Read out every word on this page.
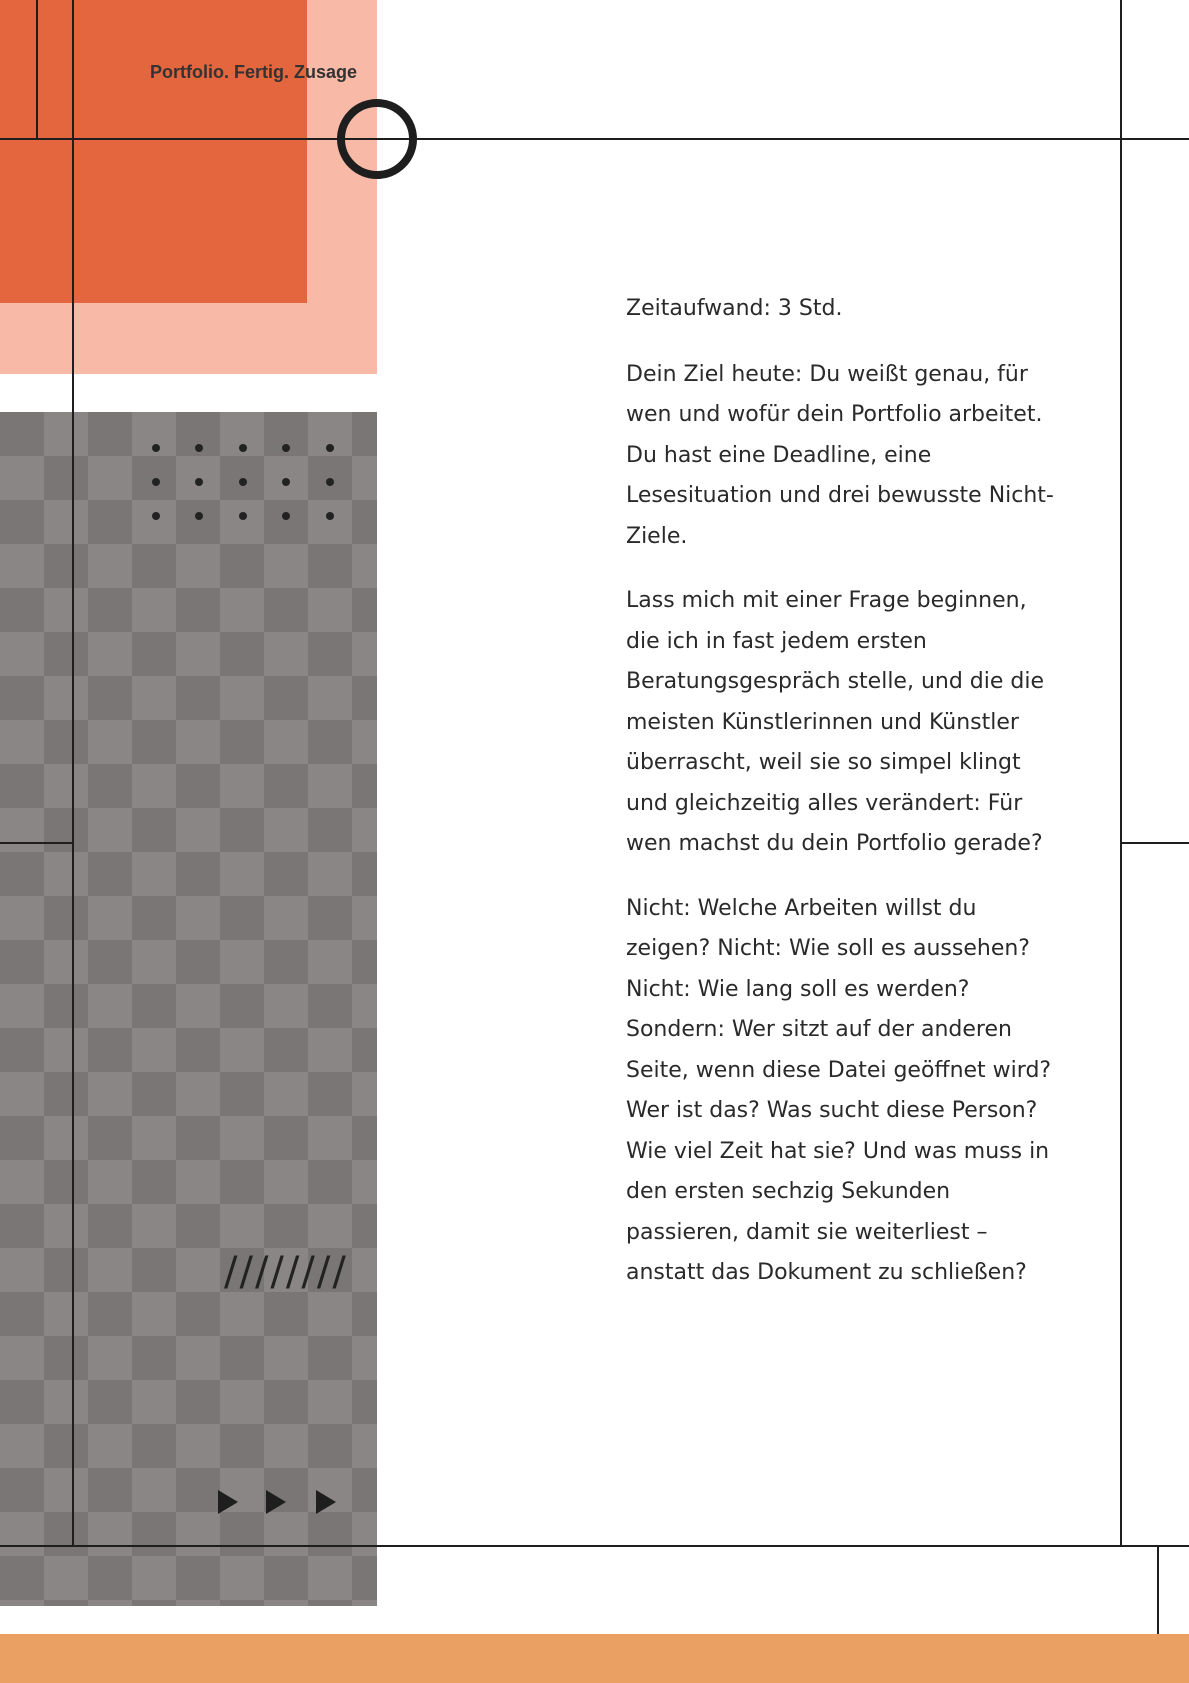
Portfolio. Fertig. Zusage
////////

Zeitaufwand: 3 Std.

Dein Ziel heute: Du weißt genau, für wen und wofür dein Portfolio arbeitet. Du hast eine Deadline, eine Lesesituation und drei bewusste Nicht-Ziele.

Lass mich mit einer Frage beginnen, die ich in fast jedem ersten Beratungsgespräch stelle, und die die meisten Künstlerinnen und Künstler überrascht, weil sie so simpel klingt und gleichzeitig alles verändert: Für wen machst du dein Portfolio gerade?

Nicht: Welche Arbeiten willst du zeigen? Nicht: Wie soll es aussehen? Nicht: Wie lang soll es werden? Sondern: Wer sitzt auf der anderen Seite, wenn diese Datei geöffnet wird? Wer ist das? Was sucht diese Person? Wie viel Zeit hat sie? Und was muss in den ersten sechzig Sekunden passieren, damit sie weiterliest – anstatt das Dokument zu schließen?
